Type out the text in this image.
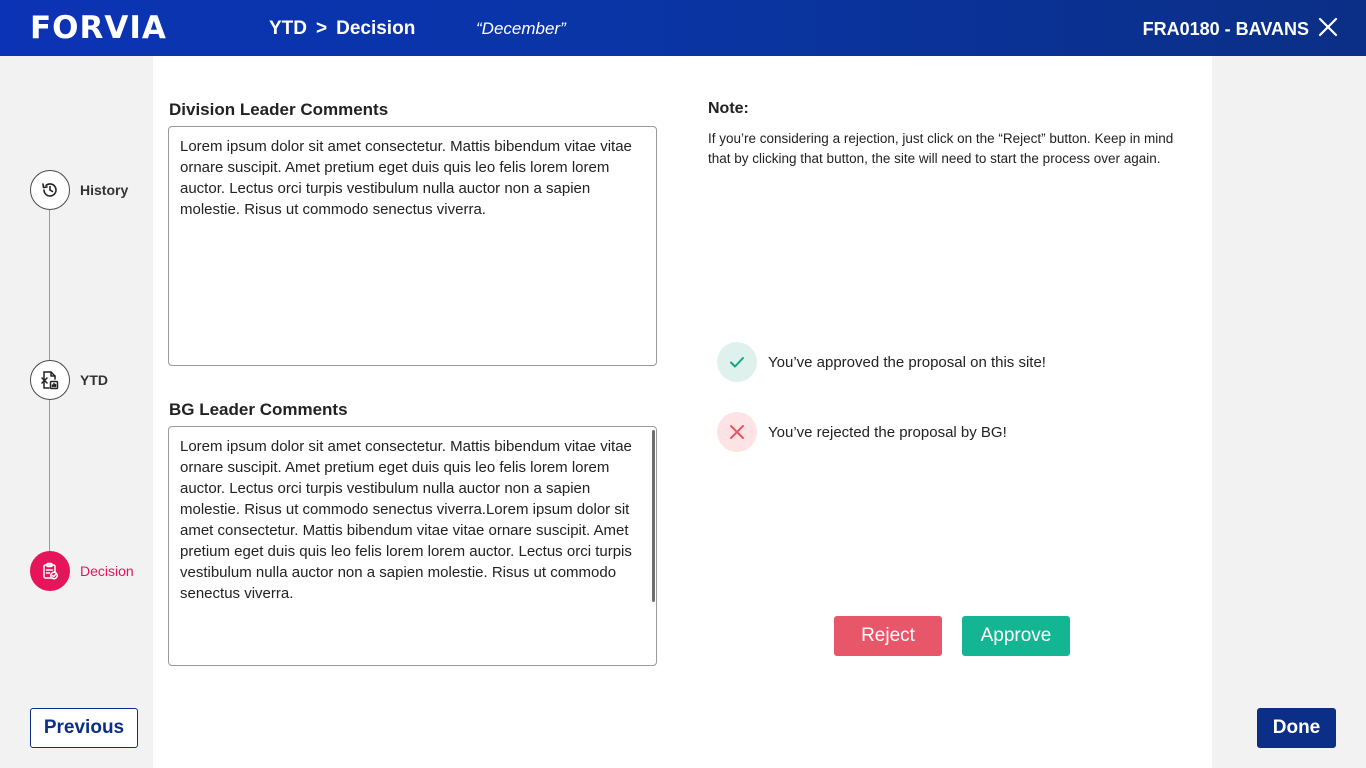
FORVIA	YTD > Decision	“December”	FRA0180 - BAVANS
History
YTD
Decision
Division Leader Comments
Lorem ipsum dolor sit amet consectetur. Mattis bibendum vitae vitae ornare suscipit. Amet pretium eget duis quis leo felis lorem lorem auctor. Lectus orci turpis vestibulum nulla auctor non a sapien molestie. Risus ut commodo senectus viverra.
BG Leader Comments
Lorem ipsum dolor sit amet consectetur. Mattis bibendum vitae vitae ornare suscipit. Amet pretium eget duis quis leo felis lorem lorem auctor. Lectus orci turpis vestibulum nulla auctor non a sapien molestie. Risus ut commodo senectus viverra.Lorem ipsum dolor sit amet consectetur. Mattis bibendum vitae vitae ornare suscipit. Amet pretium eget duis quis leo felis lorem lorem auctor. Lectus orci turpis vestibulum nulla auctor non a sapien molestie. Risus ut commodo senectus viverra.
Note:
If you’re considering a rejection, just click on the “Reject” button. Keep in mind that by clicking that button, the site will need to start the process over again.
You’ve approved the proposal on this site!
You’ve rejected the proposal by BG!
Reject	Approve
Previous	Done
